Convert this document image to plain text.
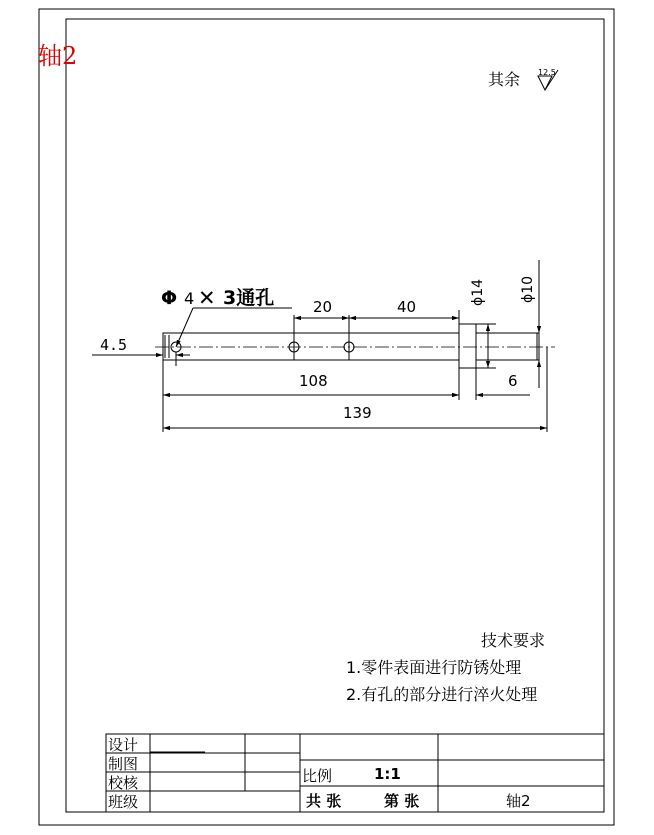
轴2
其余 12.5
Φ 4 ✕ 3通孔	20	40
4.5
108	6
139
ϕ14 ϕ10
技术要求
1.零件表面进行防锈处理
2.有孔的部分进行淬火处理
设计
制图
校核
班级
比例	1:1
共 张	第 张	轴2
